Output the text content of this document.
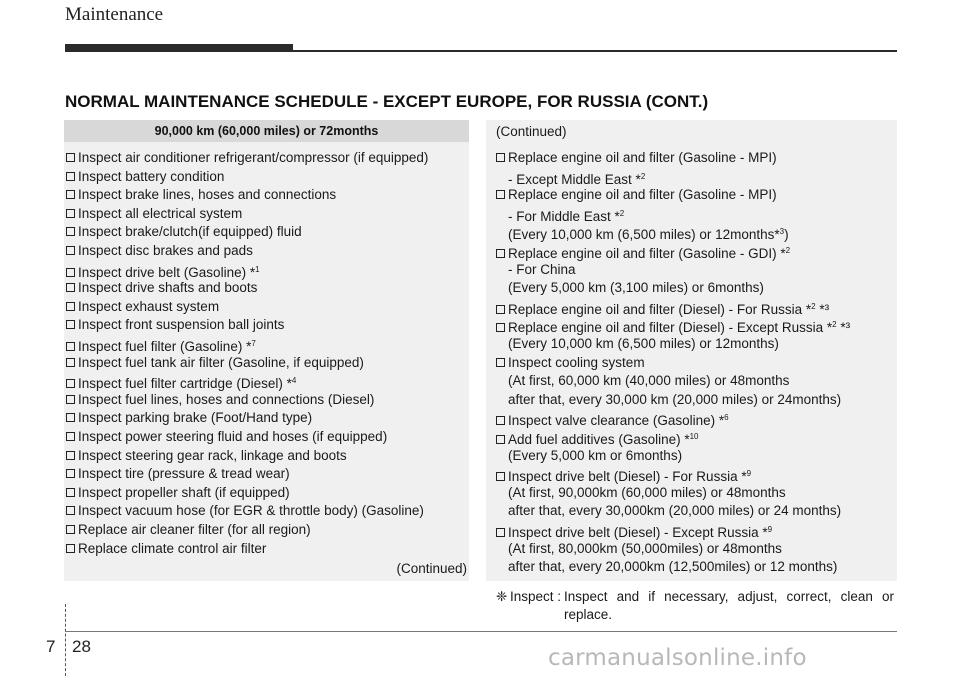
Maintenance
NORMAL MAINTENANCE SCHEDULE - EXCEPT EUROPE, FOR RUSSIA (CONT.)
90,000 km (60,000 miles) or 72months
Inspect air conditioner refrigerant/compressor (if equipped)
Inspect battery condition
Inspect brake lines, hoses and connections
Inspect all electrical system
Inspect brake/clutch(if equipped) fluid
Inspect disc brakes and pads
Inspect drive belt (Gasoline) *$^1$
Inspect drive shafts and boots
Inspect exhaust system
Inspect front suspension ball joints
Inspect fuel filter (Gasoline) *$^7$
Inspect fuel tank air filter (Gasoline, if equipped)
Inspect fuel filter cartridge (Diesel) *$^4$
Inspect fuel lines, hoses and connections (Diesel)
Inspect parking brake (Foot/Hand type)
Inspect power steering fluid and hoses (if equipped)
Inspect steering gear rack, linkage and boots
Inspect tire (pressure & tread wear)
Inspect propeller shaft (if equipped)
Inspect vacuum hose (for EGR & throttle body) (Gasoline)
Replace air cleaner filter (for all region)
Replace climate control air filter
(Continued)
(Continued)
Replace engine oil and filter (Gasoline - MPI)
- Except Middle East *$^2$
Replace engine oil and filter (Gasoline - MPI)
- For Middle East *$^2$
(Every 10,000 km (6,500 miles) or 12months*$^3$)
Replace engine oil and filter (Gasoline - GDI) *$^2$
- For China
(Every 5,000 km (3,100 miles) or 6months)
Replace engine oil and filter (Diesel) - For Russia *$^2$ *³
Replace engine oil and filter (Diesel) - Except Russia *$^2$ *³
(Every 10,000 km (6,500 miles) or 12months)
Inspect cooling system
(At first, 60,000 km (40,000 miles) or 48months
after that, every 30,000 km (20,000 miles) or 24months)
Inspect valve clearance (Gasoline) *$^6$
Add fuel additives (Gasoline) *$^{10}$
(Every 5,000 km or 6months)
Inspect drive belt (Diesel) - For Russia *$^9$
(At first, 90,000km (60,000 miles) or 48months
after that, every 30,000km (20,000 miles) or 24 months)
Inspect drive belt (Diesel) - Except Russia *$^9$
(At first, 80,000km (50,000miles) or 48months
after that, every 20,000km (12,500miles) or 12 months)
❈ Inspect : Inspect and if necessary, adjust, correct, clean or replace.
7 28	carmanualsonline.info
